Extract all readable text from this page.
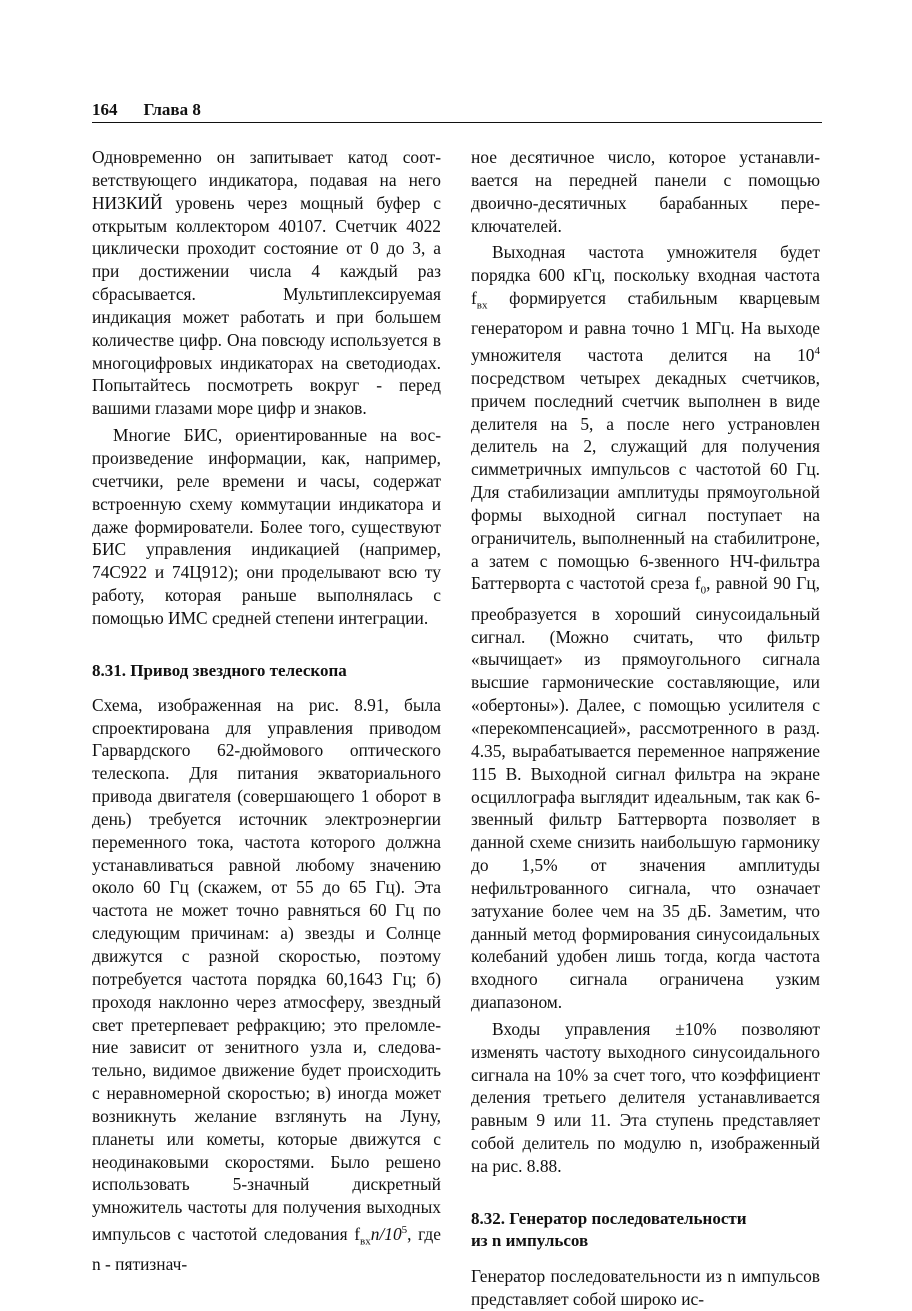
164 Глава 8

Одновременно он запитывает катод соответствующего индикатора, подавая на него НИЗКИЙ уровень через мощный буфер с открытым коллектором 40107. Счетчик 4022 циклически проходит состояние от 0 до 3, а при достижении числа 4 каждый раз сбрасывается. Мультиплексируемая индикация может работать и при большем количестве цифр. Она повсюду используется в многоцифровых индикаторах на светодиодах. Попытайтесь посмотреть вокруг - перед вашими глазами море цифр и знаков.

Многие БИС, ориентированные на воспроизведение информации, как, например, счетчики, реле времени и часы, содержат встроенную схему коммутации индикатора и даже формирователи. Более того, существуют БИС управления индикацией (например, 74С922 и 74Ц912); они проделывают всю ту работу, которая раньше выполнялась с помощью ИМС средней степени интеграции.

8.31. Привод звездного телескопа

Схема, изображенная на рис. 8.91, была спроектирована для управления приводом Гарвардского 62-дюймового оптического телескопа. Для питания экваториального привода двигателя (совершающего 1 оборот в день) требуется источник электроэнергии переменного тока, частота которого должна устанавливаться равной любому значению около 60 Гц (скажем, от 55 до 65 Гц). Эта частота не может точно равняться 60 Гц по следующим причинам: а) звезды и Солнце движутся с разной скоростью, поэтому потребуется частота порядка 60,1643 Гц; б) проходя наклонно через атмосферу, звездный свет претерпевает рефракцию; это преломление зависит от зенитного узла и, следовательно, видимое движение будет происходить с неравномерной скоростью; в) иногда может возникнуть желание взглянуть на Луну, планеты или кометы, которые движутся с неодинаковыми скоростями. Было решено использовать 5-значный дискретный умножитель частоты для получения выходных импульсов с частотой следования $f_{вх}n/10^5$, где n - пятизнач-

ное десятичное число, которое устанавливается на передней панели с помощью двоично-десятичных барабанных переключателей.

Выходная частота умножителя будет порядка 600 кГц, поскольку входная частота $f_{вх}$ формируется стабильным кварцевым генератором и равна точно 1 МГц. На выходе умножителя частота делится на $10^4$ посредством четырех декадных счетчиков, причем последний счетчик выполнен в виде делителя на 5, а после него устрановлен делитель на 2, служащий для получения симметричных импульсов с частотой 60 Гц. Для стабилизации амплитуды прямоугольной формы выходной сигнал поступает на ограничитель, выполненный на стабилитроне, а затем с помощью 6-звенного НЧ-фильтра Баттерворта с частотой среза $f_0$, равной 90 Гц, преобразуется в хороший синусоидальный сигнал. (Можно считать, что фильтр «вычищает» из прямоугольного сигнала высшие гармонические составляющие, или «обертоны»). Далее, с помощью усилителя с «перекомпенсацией», рассмотренного в разд. 4.35, вырабатывается переменное напряжение 115 В. Выходной сигнал фильтра на экране осциллографа выглядит идеальным, так как 6-звенный фильтр Баттерворта позволяет в данной схеме снизить наибольшую гармонику до 1,5% от значения амплитуды нефильтрованного сигнала, что означает затухание более чем на 35 дБ. Заметим, что данный метод формирования синусоидальных колебаний удобен лишь тогда, когда частота входного сигнала ограничена узким диапазоном.

Входы управления ±10% позволяют изменять частоту выходного синусоидального сигнала на 10% за счет того, что коэффициент деления третьего делителя устанавливается равным 9 или 11. Эта ступень представляет собой делитель по модулю n, изображенный на рис. 8.88.

8.32. Генератор последовательности
из n импульсов

Генератор последовательности из n импульсов представляет собой широко ис-
